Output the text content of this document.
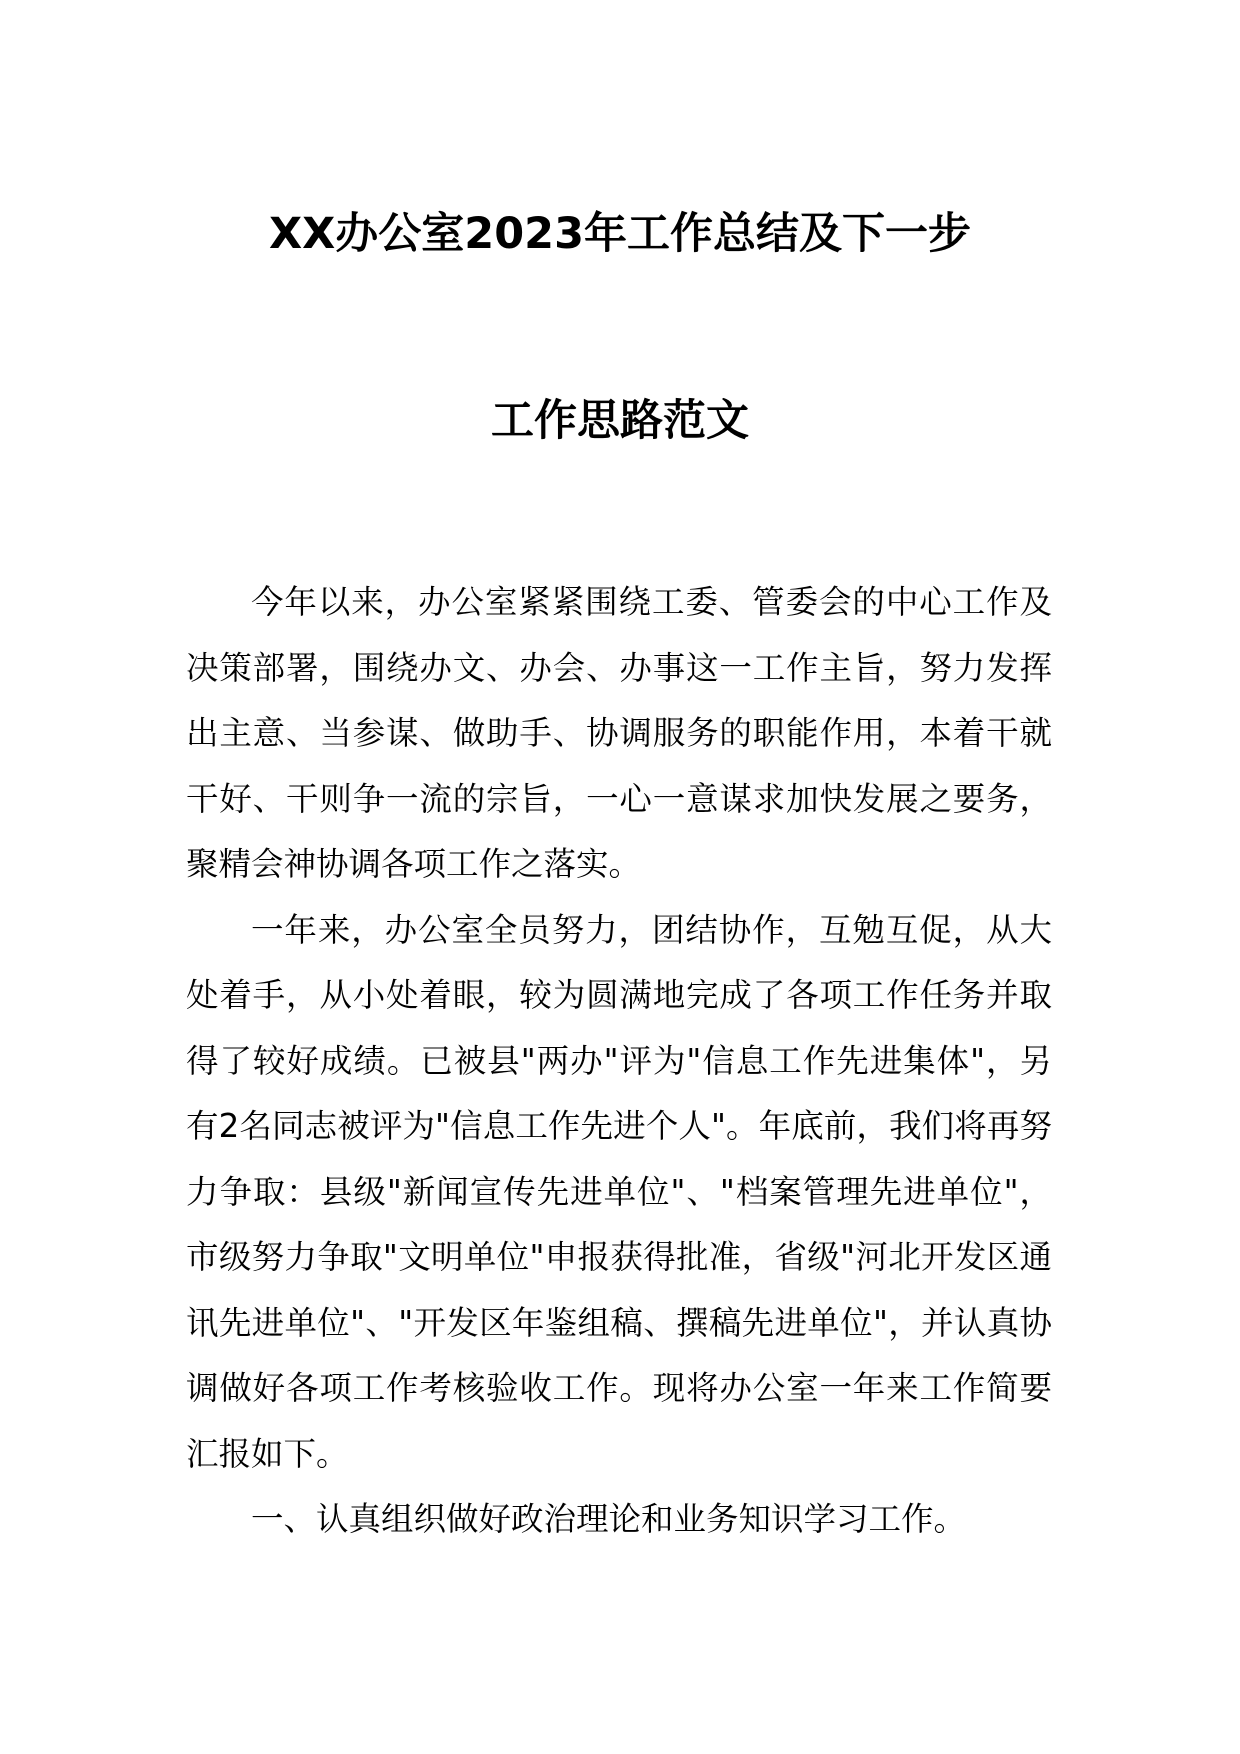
XX办公室2023年工作总结及下一步
工作思路范文

今年以来，办公室紧紧围绕工委、管委会的中心工作及决策部署，围绕办文、办会、办事这一工作主旨，努力发挥出主意、当参谋、做助手、协调服务的职能作用，本着干就干好、干则争一流的宗旨，一心一意谋求加快发展之要务，聚精会神协调各项工作之落实。

一年来，办公室全员努力，团结协作，互勉互促，从大处着手，从小处着眼，较为圆满地完成了各项工作任务并取得了较好成绩。已被县"两办"评为"信息工作先进集体"，另有2名同志被评为"信息工作先进个人"。年底前，我们将再努力争取：县级"新闻宣传先进单位"、"档案管理先进单位"，市级努力争取"文明单位"申报获得批准，省级"河北开发区通讯先进单位"、"开发区年鉴组稿、撰稿先进单位"，并认真协调做好各项工作考核验收工作。现将办公室一年来工作简要汇报如下。

一、认真组织做好政治理论和业务知识学习工作。
